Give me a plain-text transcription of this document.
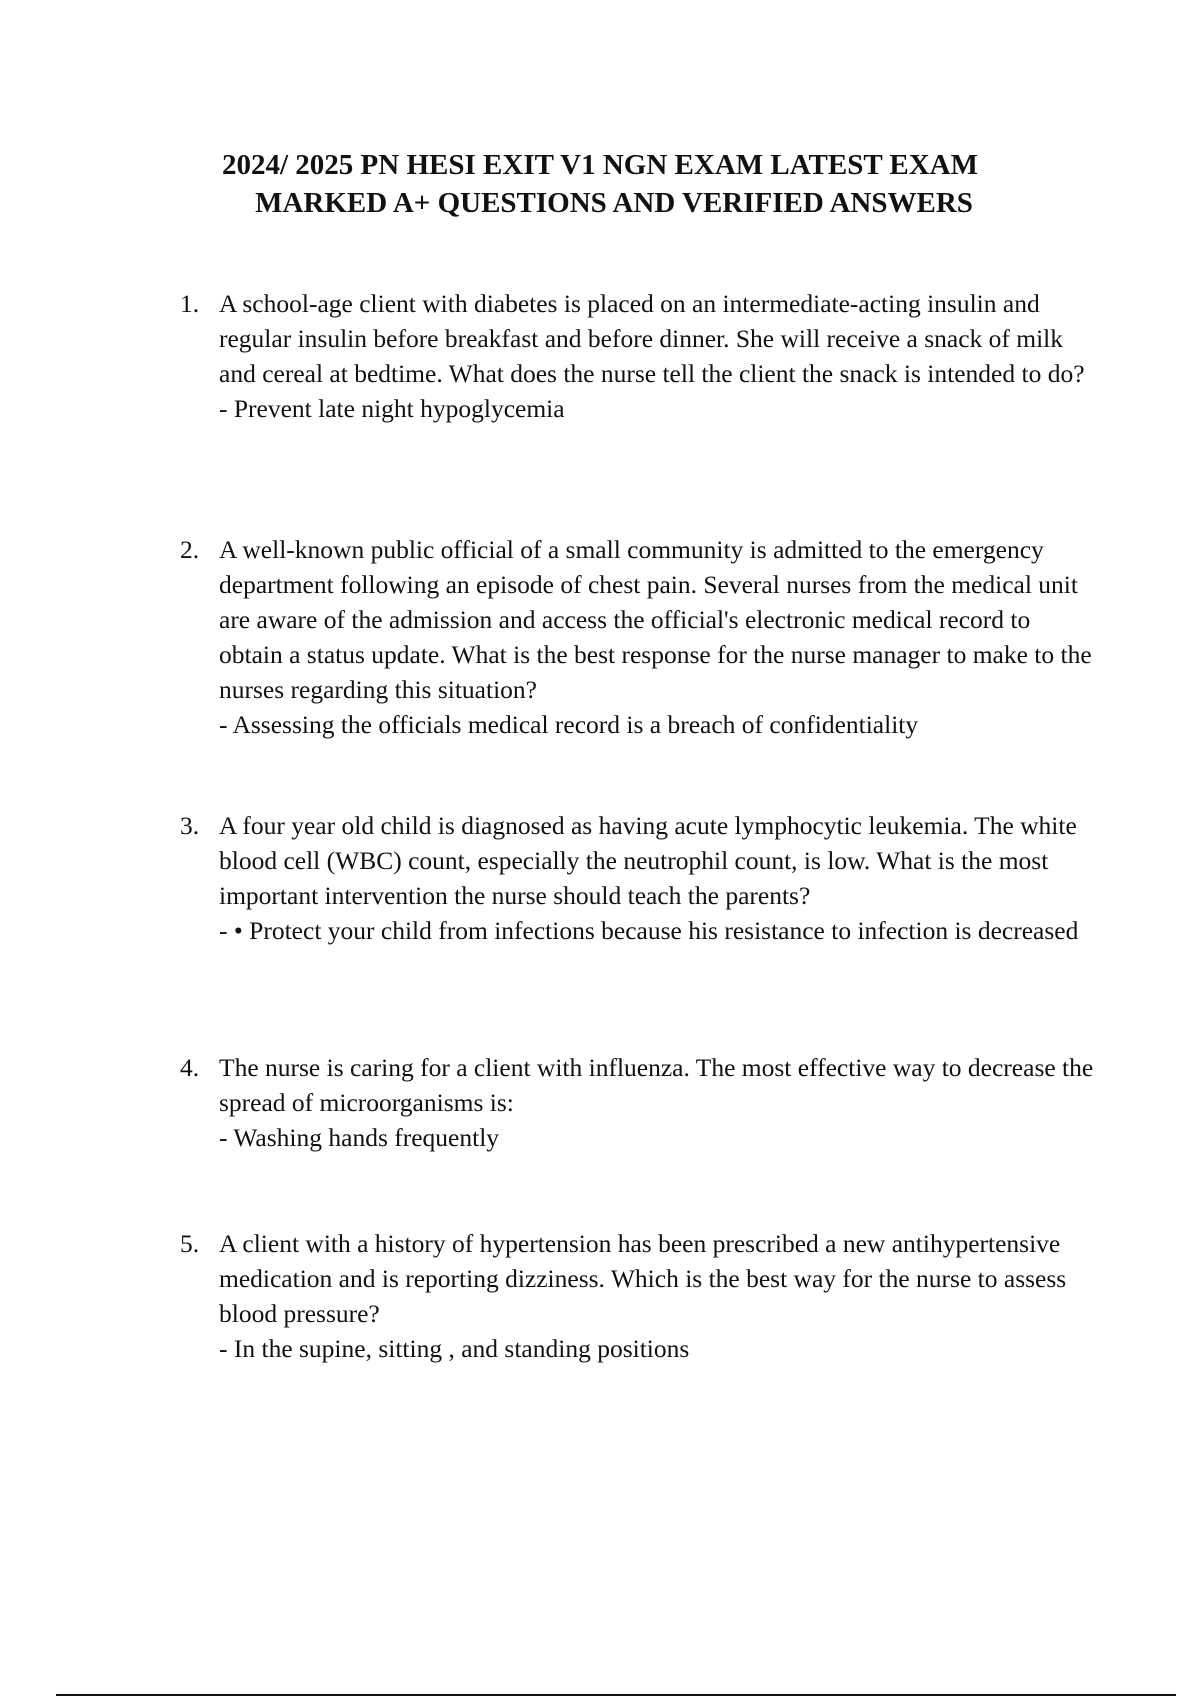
2024/ 2025 PN HESI EXIT V1 NGN EXAM LATEST EXAM
MARKED A+ QUESTIONS AND VERIFIED ANSWERS
1. A school-age client with diabetes is placed on an intermediate-acting insulin and regular insulin before breakfast and before dinner. She will receive a snack of milk and cereal at bedtime. What does the nurse tell the client the snack is intended to do?
- Prevent late night hypoglycemia
2. A well-known public official of a small community is admitted to the emergency department following an episode of chest pain. Several nurses from the medical unit are aware of the admission and access the official's electronic medical record to obtain a status update. What is the best response for the nurse manager to make to the nurses regarding this situation?
- Assessing the officials medical record is a breach of confidentiality
3. A four year old child is diagnosed as having acute lymphocytic leukemia. The white blood cell (WBC) count, especially the neutrophil count, is low. What is the most important intervention the nurse should teach the parents?
- • Protect your child from infections because his resistance to infection is decreased
4. The nurse is caring for a client with influenza. The most effective way to decrease the spread of microorganisms is:
- Washing hands frequently
5. A client with a history of hypertension has been prescribed a new antihypertensive medication and is reporting dizziness. Which is the best way for the nurse to assess blood pressure?
- In the supine, sitting , and standing positions
